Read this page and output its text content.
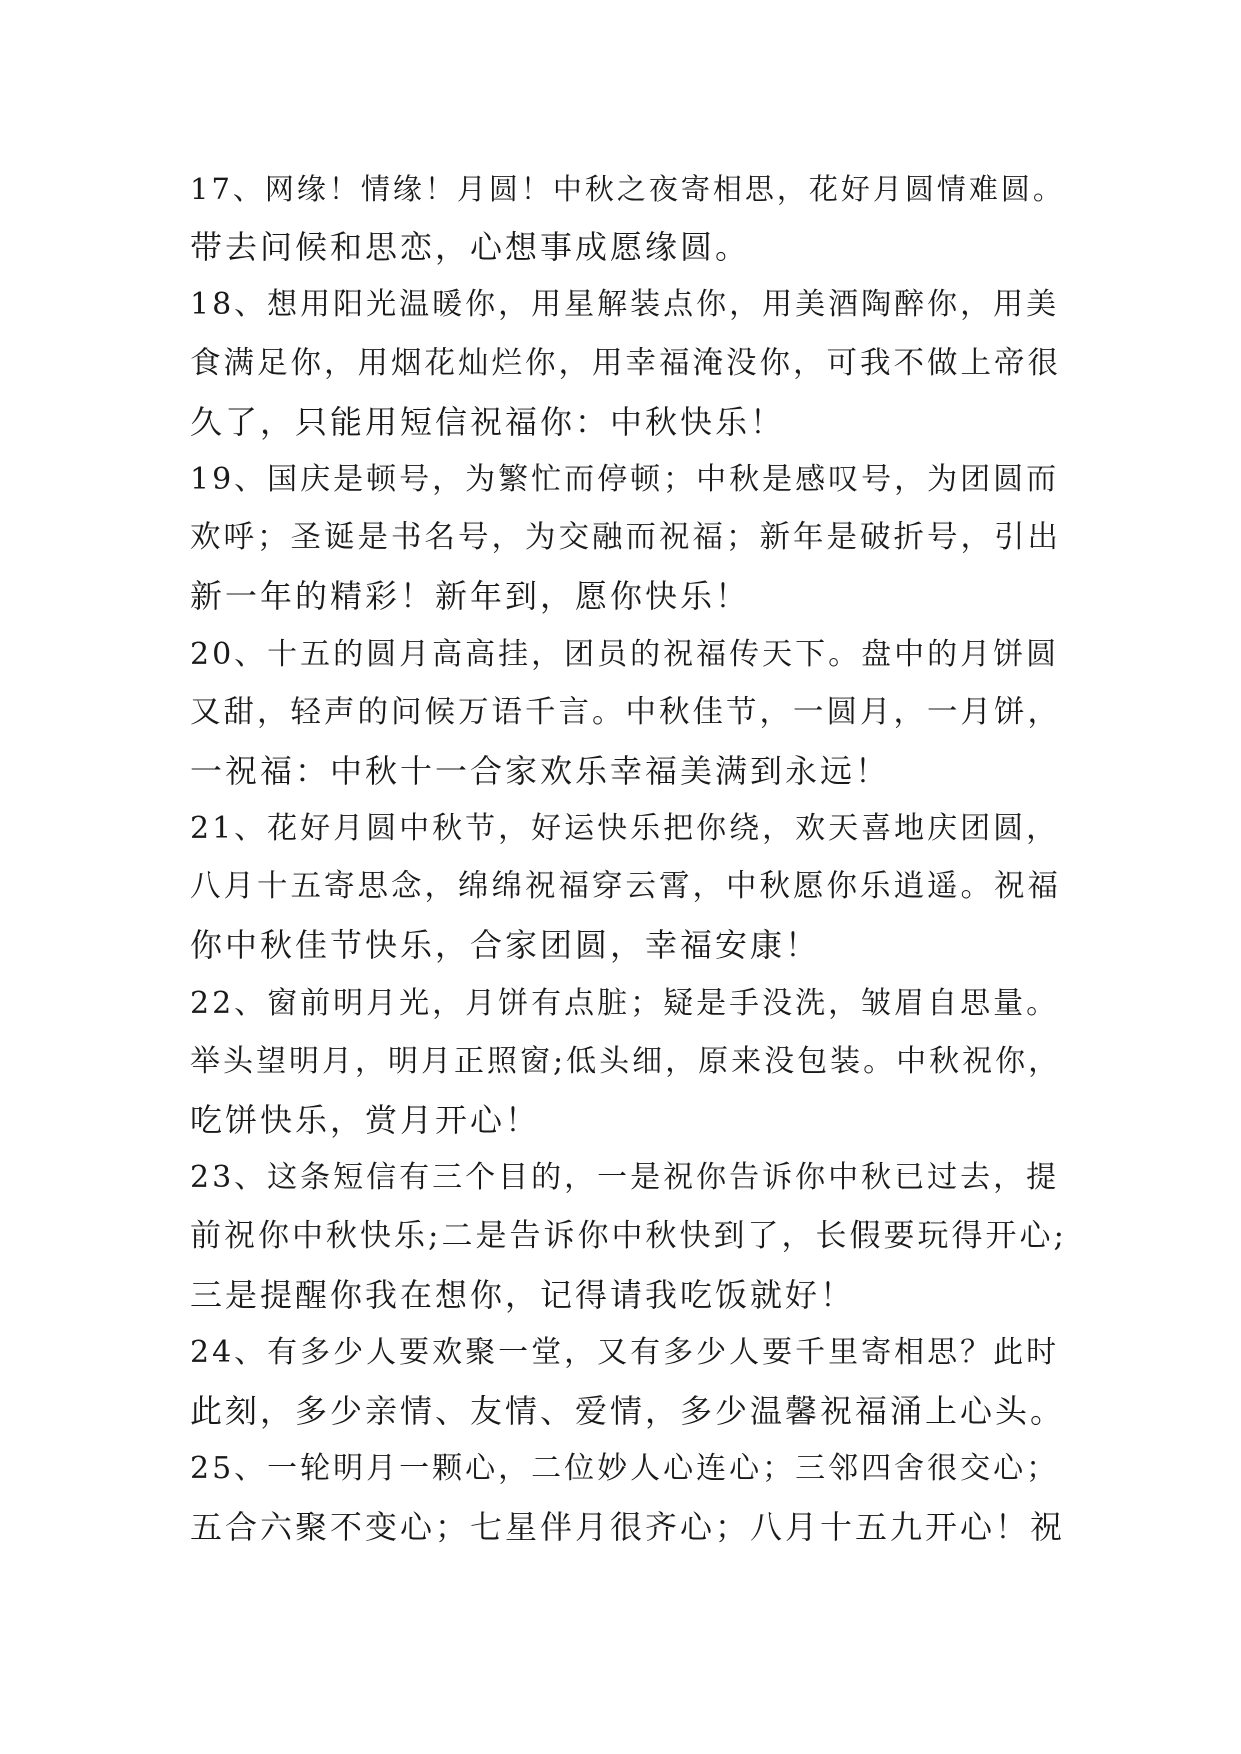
17、网缘！情缘！月圆！中秋之夜寄相思，花好月圆情难圆。
带去问候和思恋，心想事成愿缘圆。
18、想用阳光温暖你，用星解装点你，用美酒陶醉你，用美
食满足你，用烟花灿烂你，用幸福淹没你，可我不做上帝很
久了，只能用短信祝福你：中秋快乐！
19、国庆是顿号，为繁忙而停顿；中秋是感叹号，为团圆而
欢呼；圣诞是书名号，为交融而祝福；新年是破折号，引出
新一年的精彩！新年到，愿你快乐！
20、十五的圆月高高挂，团员的祝福传天下。盘中的月饼圆
又甜，轻声的问候万语千言。中秋佳节，一圆月，一月饼，
一祝福：中秋十一合家欢乐幸福美满到永远！
21、花好月圆中秋节，好运快乐把你绕，欢天喜地庆团圆，
八月十五寄思念，绵绵祝福穿云霄，中秋愿你乐逍遥。祝福
你中秋佳节快乐，合家团圆，幸福安康！
22、窗前明月光，月饼有点脏；疑是手没洗，皱眉自思量。
举头望明月，明月正照窗;低头细，原来没包装。中秋祝你，
吃饼快乐，赏月开心！
23、这条短信有三个目的，一是祝你告诉你中秋已过去，提
前祝你中秋快乐;二是告诉你中秋快到了，长假要玩得开心;
三是提醒你我在想你，记得请我吃饭就好！
24、有多少人要欢聚一堂，又有多少人要千里寄相思？此时
此刻，多少亲情、友情、爱情，多少温馨祝福涌上心头。
25、一轮明月一颗心，二位妙人心连心；三邻四舍很交心；
五合六聚不变心；七星伴月很齐心；八月十五九开心！祝
